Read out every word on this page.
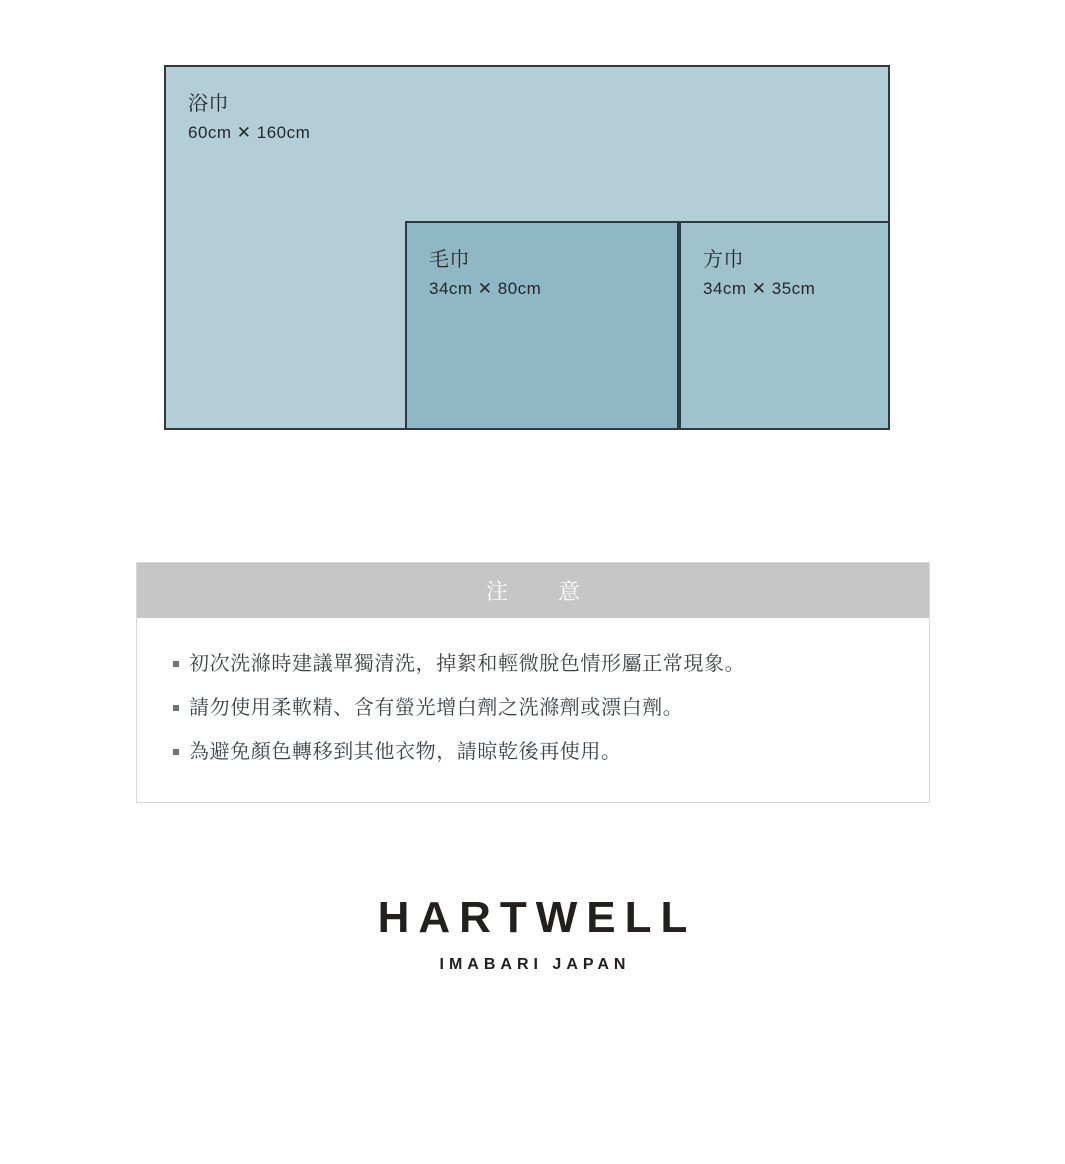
浴巾
60cm ✕ 160cm
毛巾
34cm ✕ 80cm
方巾
34cm ✕ 35cm
注　意
初次洗滌時建議單獨清洗，掉絮和輕微脫色情形屬正常現象。
請勿使用柔軟精、含有螢光增白劑之洗滌劑或漂白劑。
為避免顏色轉移到其他衣物，請晾乾後再使用。
HARTWELL
IMABARI JAPAN
